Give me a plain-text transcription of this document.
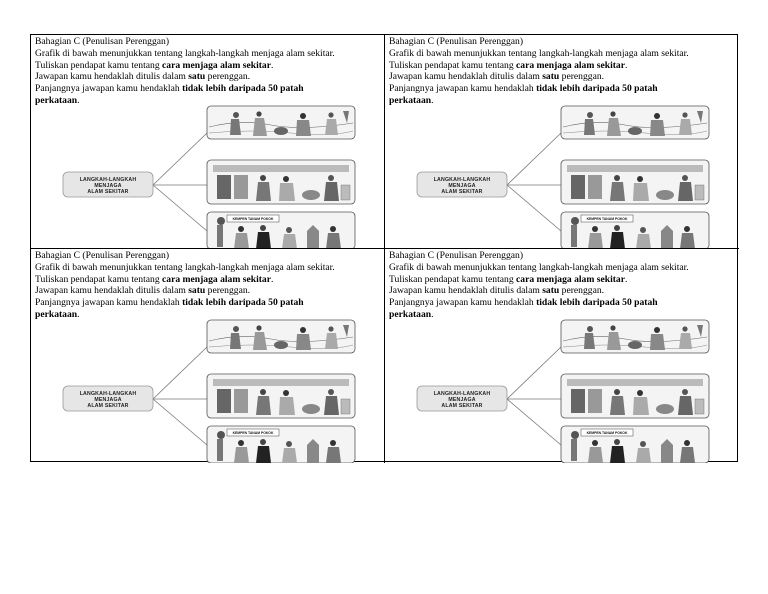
Bahagian C (Penulisan Perenggan)

Grafik di bawah menunjukkan tentang langkah-langkah menjaga alam sekitar.

Tuliskan pendapat kamu tentang cara menjaga alam sekitar.

Jawapan kamu hendaklah ditulis dalam satu perenggan.

Panjangnya jawapan kamu hendaklah tidak lebih daripada 50 patah

perkataan.

LANGKAH-LANGKAH
MENJAGA
ALAM SEKITAR
KEMPEN TANAM POKOK

Bahagian C (Penulisan Perenggan)

Grafik di bawah menunjukkan tentang langkah-langkah menjaga alam sekitar.

Tuliskan pendapat kamu tentang cara menjaga alam sekitar.

Jawapan kamu hendaklah ditulis dalam satu perenggan.

Panjangnya jawapan kamu hendaklah tidak lebih daripada 50 patah

perkataan.

LANGKAH-LANGKAH
MENJAGA
ALAM SEKITAR
KEMPEN TANAM POKOK

Bahagian C (Penulisan Perenggan)

Grafik di bawah menunjukkan tentang langkah-langkah menjaga alam sekitar.

Tuliskan pendapat kamu tentang cara menjaga alam sekitar.

Jawapan kamu hendaklah ditulis dalam satu perenggan.

Panjangnya jawapan kamu hendaklah tidak lebih daripada 50 patah

perkataan.

LANGKAH-LANGKAH
MENJAGA
ALAM SEKITAR
KEMPEN TANAM POKOK

Bahagian C (Penulisan Perenggan)

Grafik di bawah menunjukkan tentang langkah-langkah menjaga alam sekitar.

Tuliskan pendapat kamu tentang cara menjaga alam sekitar.

Jawapan kamu hendaklah ditulis dalam satu perenggan.

Panjangnya jawapan kamu hendaklah tidak lebih daripada 50 patah

perkataan.

LANGKAH-LANGKAH
MENJAGA
ALAM SEKITAR
KEMPEN TANAM POKOK
